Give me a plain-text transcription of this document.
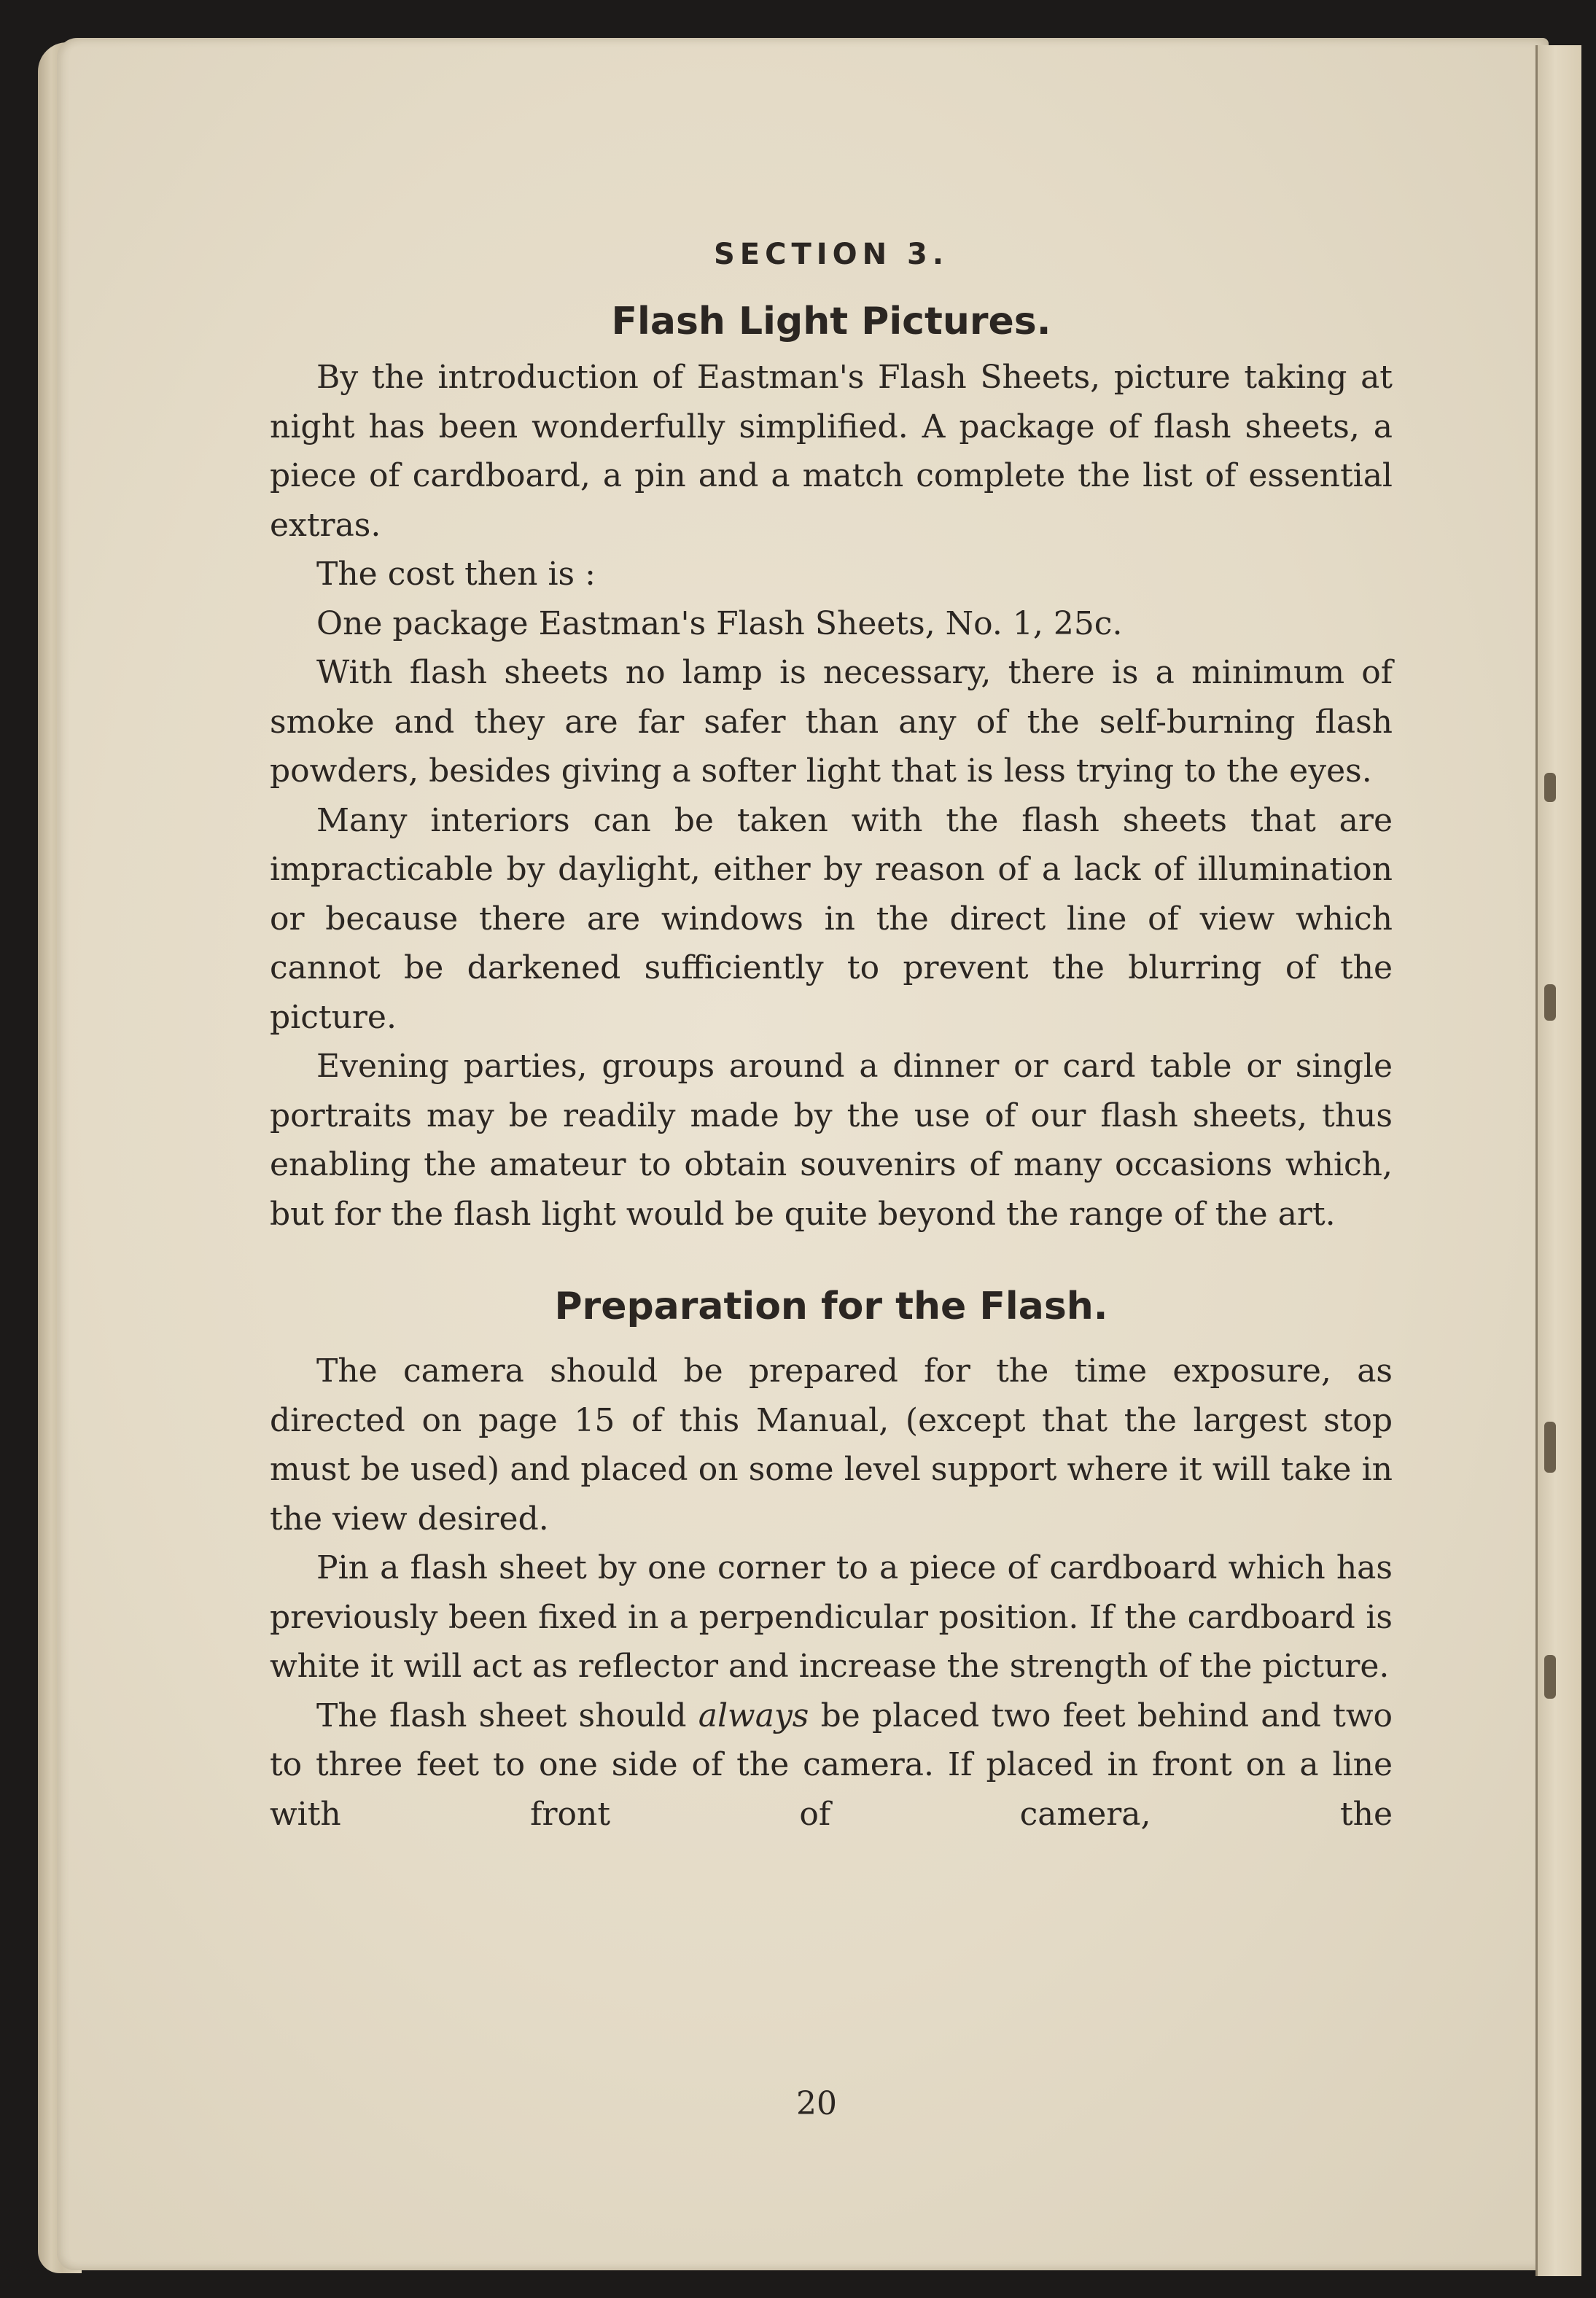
SECTION 3.
Flash Light Pictures.

By the introduction of Eastman's Flash Sheets, picture taking at night has been wonderfully simplified. A package of flash sheets, a piece of cardboard, a pin and a match complete the list of essential extras.

The cost then is :

One package Eastman's Flash Sheets, No. 1, 25c.

With flash sheets no lamp is necessary, there is a minimum of smoke and they are far safer than any of the self-burning flash powders, besides giving a softer light that is less trying to the eyes.

Many interiors can be taken with the flash sheets that are impracticable by daylight, either by reason of a lack of illumination or because there are windows in the direct line of view which cannot be darkened sufficiently to prevent the blurring of the picture.

Evening parties, groups around a dinner or card table or single portraits may be readily made by the use of our flash sheets, thus enabling the amateur to obtain souvenirs of many occasions which, but for the flash light would be quite beyond the range of the art.

Preparation for the Flash.

The camera should be prepared for the time exposure, as directed on page 15 of this Manual, (except that the largest stop must be used) and placed on some level support where it will take in the view desired.

Pin a flash sheet by one corner to a piece of cardboard which has previously been fixed in a perpendicular position. If the cardboard is white it will act as reflector and increase the strength of the picture.

The flash sheet should always be placed two feet behind and two to three feet to one side of the camera. If placed in front on a line with front of camera, the

20
